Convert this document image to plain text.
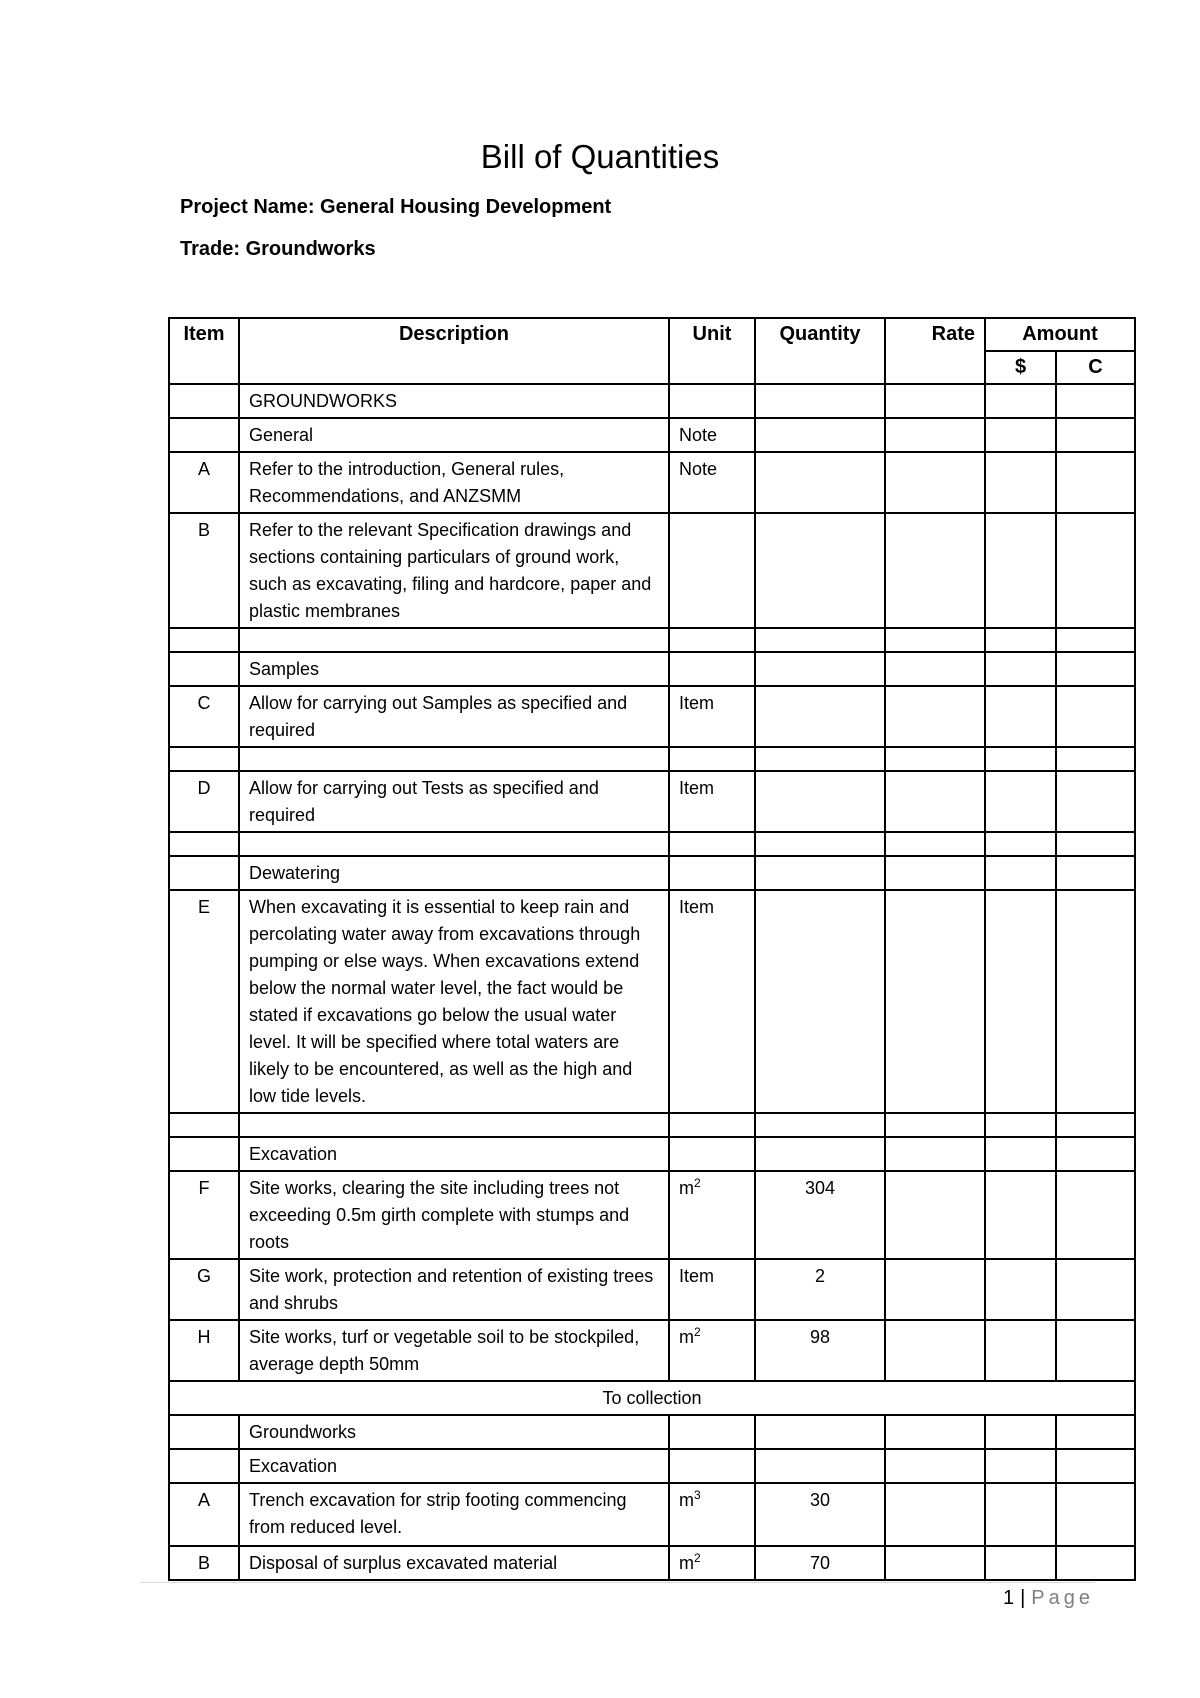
Bill of Quantities
Project Name: General Housing Development
Trade: Groundworks
Item	Description	Unit	Quantity	Rate	Amount	
					$	C
	GROUNDWORKS					
	General	Note				
A	Refer to the introduction, General rules, Recommendations, and ANZSMM	Note				
B	Refer to the relevant Specification drawings and sections containing particulars of ground work, such as excavating, filing and hardcore, paper and plastic membranes					

	Samples					
C	Allow for carrying out Samples as specified and required	Item				

D	Allow for carrying out Tests as specified and required	Item				

	Dewatering					
E	When excavating it is essential to keep rain and percolating water away from excavations through pumping or else ways. When excavations extend below the normal water level, the fact would be stated if excavations go below the usual water level. It will be specified where total waters are likely to be encountered, as well as the high and low tide levels.	Item				

	Excavation					
F	Site works, clearing the site including trees not exceeding 0.5m girth complete with stumps and roots	$m^2$	304			
G	Site work, protection and retention of existing trees and shrubs	Item	2			
H	Site works, turf or vegetable soil to be stockpiled, average depth 50mm	$m^2$	98			
To collection						
	Groundworks					
	Excavation					
A	Trench excavation for strip footing commencing from reduced level.	$m^3$	30			
B	Disposal of surplus excavated material	$m^2$	70			
1 | Page
